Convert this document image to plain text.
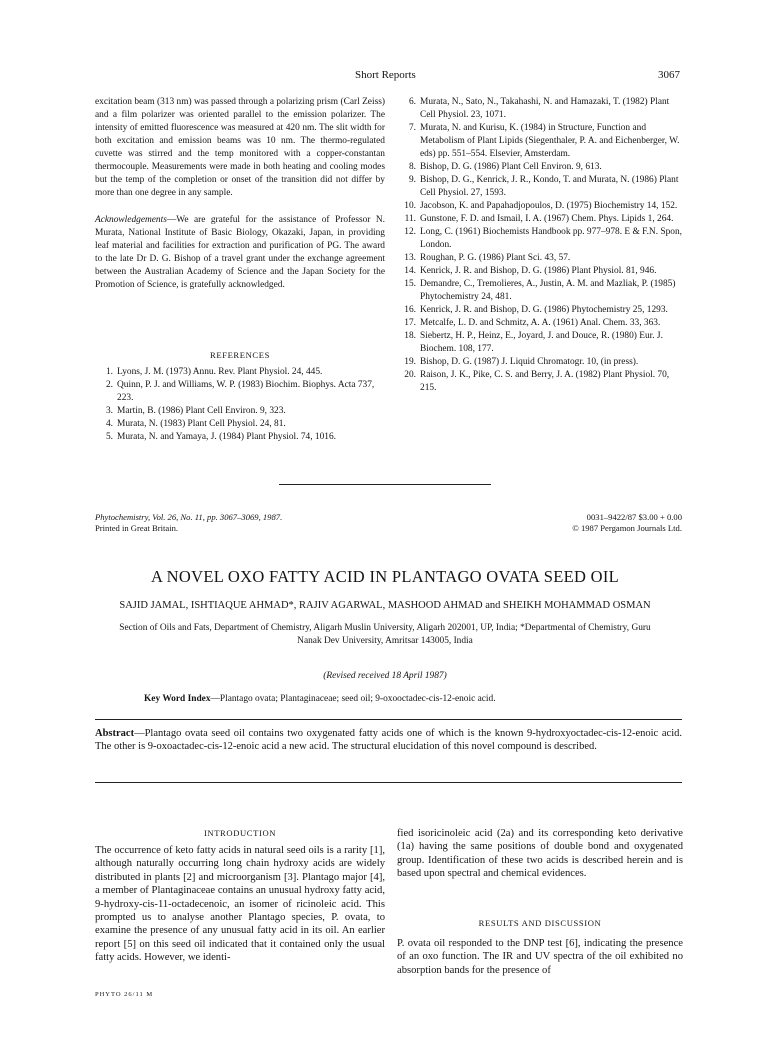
Short Reports	3067

excitation beam (313 nm) was passed through a polarizing prism (Carl Zeiss) and a film polarizer was oriented parallel to the emission polarizer. The intensity of emitted fluorescence was measured at 420 nm. The slit width for both excitation and emission beams was 10 nm. The thermo-regulated cuvette was stirred and the temp monitored with a copper-constantan thermocouple. Measurements were made in both heating and cooling modes but the temp of the completion or onset of the transition did not differ by more than one degree in any sample.

Acknowledgements—We are grateful for the assistance of Professor N. Murata, National Institute of Basic Biology, Okazaki, Japan, in providing leaf material and facilities for extraction and purification of PG. The award to the late Dr D. G. Bishop of a travel grant under the exchange agreement between the Australian Academy of Science and the Japan Society for the Promotion of Science, is gratefully acknowledged.

REFERENCES
1. Lyons, J. M. (1973) Annu. Rev. Plant Physiol. 24, 445.
2. Quinn, P. J. and Williams, W. P. (1983) Biochim. Biophys. Acta 737, 223.
3. Martin, B. (1986) Plant Cell Environ. 9, 323.
4. Murata, N. (1983) Plant Cell Physiol. 24, 81.
5. Murata, N. and Yamaya, J. (1984) Plant Physiol. 74, 1016.
6. Murata, N., Sato, N., Takahashi, N. and Hamazaki, T. (1982) Plant Cell Physiol. 23, 1071.
7. Murata, N. and Kurisu, K. (1984) in Structure, Function and Metabolism of Plant Lipids (Siegenthaler, P. A. and Eichenberger, W. eds) pp. 551–554. Elsevier, Amsterdam.
8. Bishop, D. G. (1986) Plant Cell Environ. 9, 613.
9. Bishop, D. G., Kenrick, J. R., Kondo, T. and Murata, N. (1986) Plant Cell Physiol. 27, 1593.
10. Jacobson, K. and Papahadjopoulos, D. (1975) Biochemistry 14, 152.
11. Gunstone, F. D. and Ismail, I. A. (1967) Chem. Phys. Lipids 1, 264.
12. Long, C. (1961) Biochemists Handbook pp. 977–978. E & F.N. Spon, London.
13. Roughan, P. G. (1986) Plant Sci. 43, 57.
14. Kenrick, J. R. and Bishop, D. G. (1986) Plant Physiol. 81, 946.
15. Demandre, C., Tremolieres, A., Justin, A. M. and Mazliak, P. (1985) Phytochemistry 24, 481.
16. Kenrick, J. R. and Bishop, D. G. (1986) Phytochemistry 25, 1293.
17. Metcalfe, L. D. and Schmitz, A. A. (1961) Anal. Chem. 33, 363.
18. Siebertz, H. P., Heinz, E., Joyard, J. and Douce, R. (1980) Eur. J. Biochem. 108, 177.
19. Bishop, D. G. (1987) J. Liquid Chromatogr. 10, (in press).
20. Raison, J. K., Pike, C. S. and Berry, J. A. (1982) Plant Physiol. 70, 215.
Phytochemistry, Vol. 26, No. 11, pp. 3067–3069, 1987.
Printed in Great Britain.
0031–9422/87 $3.00 + 0.00
© 1987 Pergamon Journals Ltd.
A NOVEL OXO FATTY ACID IN PLANTAGO OVATA SEED OIL
SAJID JAMAL, ISHTIAQUE AHMAD*, RAJIV AGARWAL, MASHOOD AHMAD and SHEIKH MOHAMMAD OSMAN
Section of Oils and Fats, Department of Chemistry, Aligarh Muslin University, Aligarh 202001, UP, India; *Departmental of Chemistry, Guru Nanak Dev University, Amritsar 143005, India
(Revised received 18 April 1987)
Key Word Index—Plantago ovata; Plantaginaceae; seed oil; 9-oxooctadec-cis-12-enoic acid.
Abstract—Plantago ovata seed oil contains two oxygenated fatty acids one of which is the known 9-hydroxyoctadec-cis-12-enoic acid. The other is 9-oxoactadec-cis-12-enoic acid a new acid. The structural elucidation of this novel compound is described.
INTRODUCTION
The occurrence of keto fatty acids in natural seed oils is a rarity [1], although naturally occurring long chain hydroxy acids are widely distributed in plants [2] and microorganism [3]. Plantago major [4], a member of Plantaginaceae contains an unusual hydroxy fatty acid, 9-hydroxy-cis-11-octadecenoic, an isomer of ricinoleic acid. This prompted us to analyse another Plantago species, P. ovata, to examine the presence of any unusual fatty acid in its oil. An earlier report [5] on this seed oil indicated that it contained only the usual fatty acids. However, we identi-
fied isoricinoleic acid (2a) and its corresponding keto derivative (1a) having the same positions of double bond and oxygenated group. Identification of these two acids is described herein and is based upon spectral and chemical evidences.
RESULTS AND DISCUSSION
P. ovata oil responded to the DNP test [6], indicating the presence of an oxo function. The IR and UV spectra of the oil exhibited no absorption bands for the presence of
PHYTO 26/11 M
